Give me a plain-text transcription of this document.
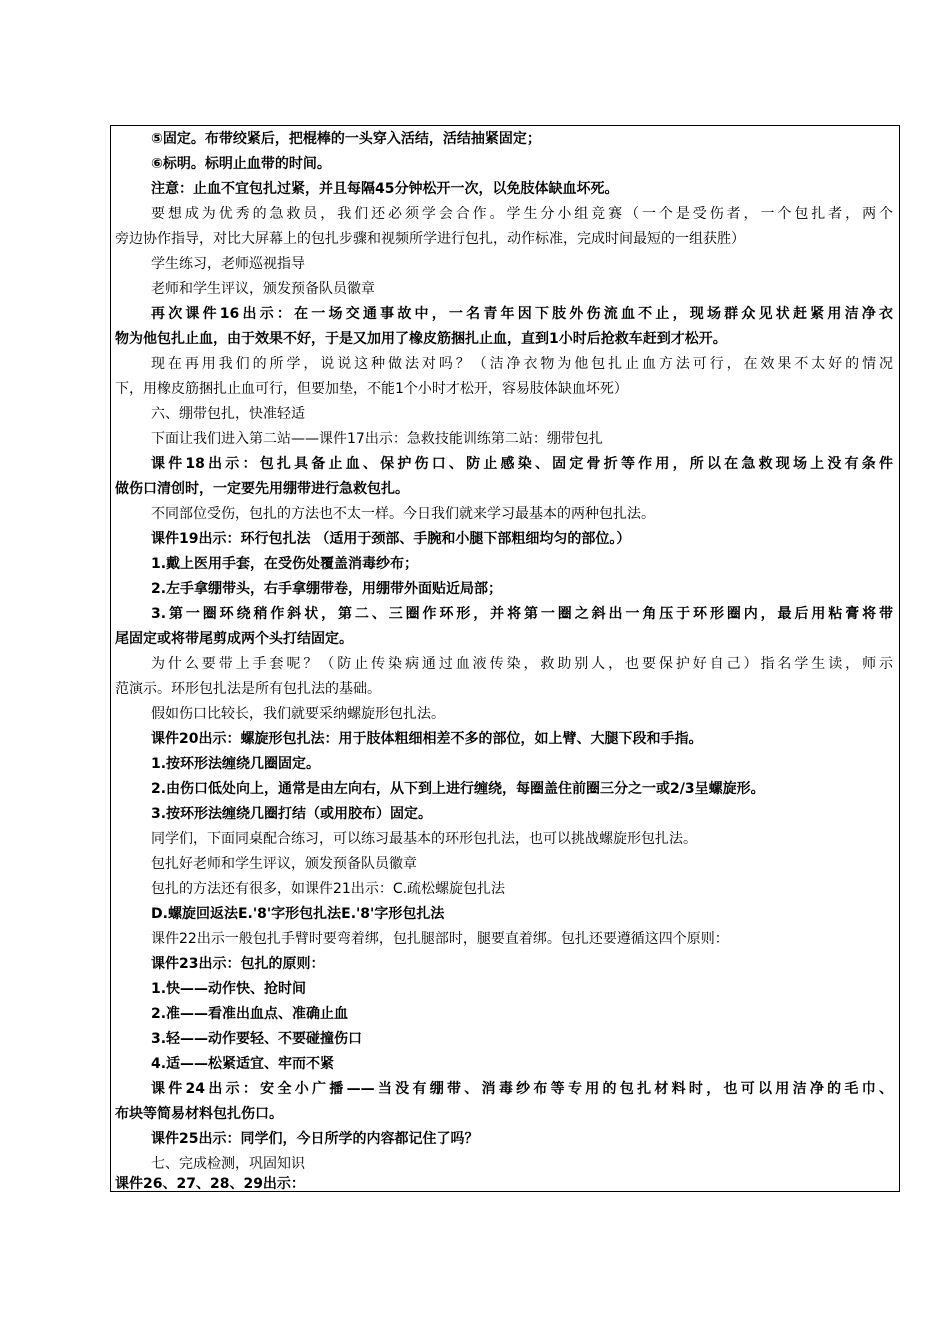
⑤固定。布带绞紧后，把棍棒的一头穿入活结，活结抽紧固定；
⑥标明。标明止血带的时间。
注意：止血不宜包扎过紧，并且每隔45分钟松开一次，以免肢体缺血坏死。
要想成为优秀的急救员，我们还必须学会合作。学生分小组竞赛（一个是受伤者，一个包扎者，两个
旁边协作指导，对比大屏幕上的包扎步骤和视频所学进行包扎，动作标准，完成时间最短的一组获胜）
学生练习，老师巡视指导
老师和学生评议，颁发预备队员徽章
再次课件16出示：在一场交通事故中，一名青年因下肢外伤流血不止，现场群众见状赶紧用洁净衣
物为他包扎止血，由于效果不好，于是又加用了橡皮筋捆扎止血，直到1小时后抢救车赶到才松开。
现在再用我们的所学，说说这种做法对吗？（洁净衣物为他包扎止血方法可行，在效果不太好的情况
下，用橡皮筋捆扎止血可行，但要加垫，不能1个小时才松开，容易肢体缺血坏死）
六、绷带包扎，快准轻适
下面让我们进入第二站——课件17出示：急救技能训练第二站：绷带包扎
课件18出示：包扎具备止血、保护伤口、防止感染、固定骨折等作用，所以在急救现场上没有条件
做伤口清创时，一定要先用绷带进行急救包扎。
不同部位受伤，包扎的方法也不太一样。今日我们就来学习最基本的两种包扎法。
课件19出示：环行包扎法 （适用于颈部、手腕和小腿下部粗细均匀的部位。）
1.戴上医用手套，在受伤处覆盖消毒纱布；
2.左手拿绷带头，右手拿绷带卷，用绷带外面贴近局部；
3.第一圈环绕稍作斜状，第二、三圈作环形，并将第一圈之斜出一角压于环形圈内，最后用粘膏将带
尾固定或将带尾剪成两个头打结固定。
为什么要带上手套呢？（防止传染病通过血液传染，救助别人，也要保护好自己）指名学生读，师示
范演示。环形包扎法是所有包扎法的基础。
假如伤口比较长，我们就要采纳螺旋形包扎法。
课件20出示：螺旋形包扎法：用于肢体粗细相差不多的部位，如上臂、大腿下段和手指。
1.按环形法缠绕几圈固定。
2.由伤口低处向上，通常是由左向右，从下到上进行缠绕，每圈盖住前圈三分之一或2/3呈螺旋形。
3.按环形法缠绕几圈打结（或用胶布）固定。
同学们，下面同桌配合练习，可以练习最基本的环形包扎法，也可以挑战螺旋形包扎法。
包扎好老师和学生评议，颁发预备队员徽章
包扎的方法还有很多，如课件21出示：C.疏松螺旋包扎法
D.螺旋回返法E.'8'字形包扎法E.'8'字形包扎法
课件22出示一般包扎手臂时要弯着绑，包扎腿部时，腿要直着绑。包扎还要遵循这四个原则：
课件23出示：包扎的原则：
1.快——动作快、抢时间
2.准——看准出血点、准确止血
3.轻——动作要轻、不要碰撞伤口
4.适——松紧适宜、牢而不紧
课件24出示：安全小广播——当没有绷带、消毒纱布等专用的包扎材料时，也可以用洁净的毛巾、
布块等简易材料包扎伤口。
课件25出示：同学们，今日所学的内容都记住了吗？
七、完成检测，巩固知识
课件26、27、28、29出示：
